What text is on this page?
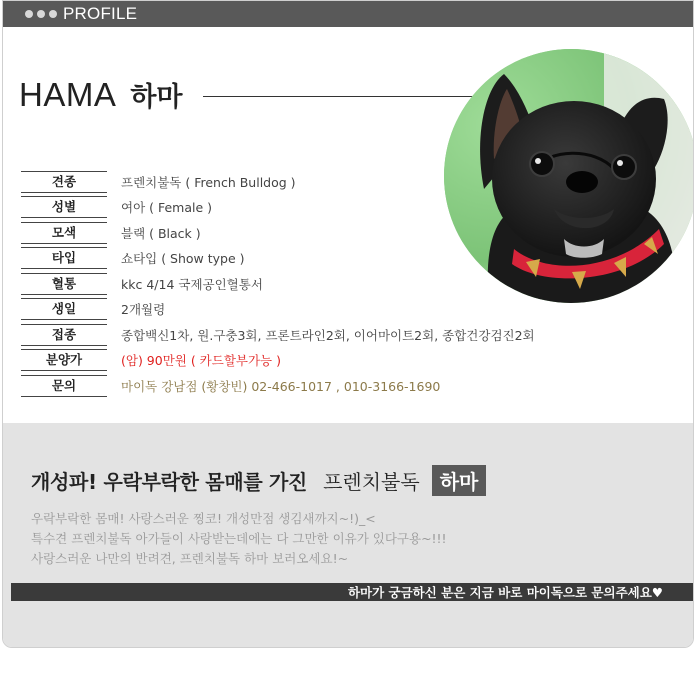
PROFILE
HAMA 하마
견종	프렌치불독 ( French Bulldog )
성별	여아 ( Female )
모색	블랙 ( Black )
타입	쇼타입 ( Show type )
혈통	kkc 4/14 국제공인혈통서
생일	2개월령
접종	종합백신1차, 원.구충3회, 프론트라인2회, 이어마이트2회, 종합건강검진2회
분양가	(암) 90만원 ( 카드할부가능 )
문의	마이독 강남점 (황창빈) 02-466-1017 , 010-3166-1690
하마가 궁금하신 분은 지금 바로 마이독으로 문의주세요♥
개성파! 우락부락한 몸매를 가진 프렌치불독	하마
우락부락한 몸매! 사랑스러운 찡코! 개성만점 생김새까지~!)_<
특수견 프렌치불독 아가들이 사랑받는데에는 다 그만한 이유가 있다구용~!!!
사랑스러운 나만의 반려견, 프렌치불독 하마 보러오세요!~
